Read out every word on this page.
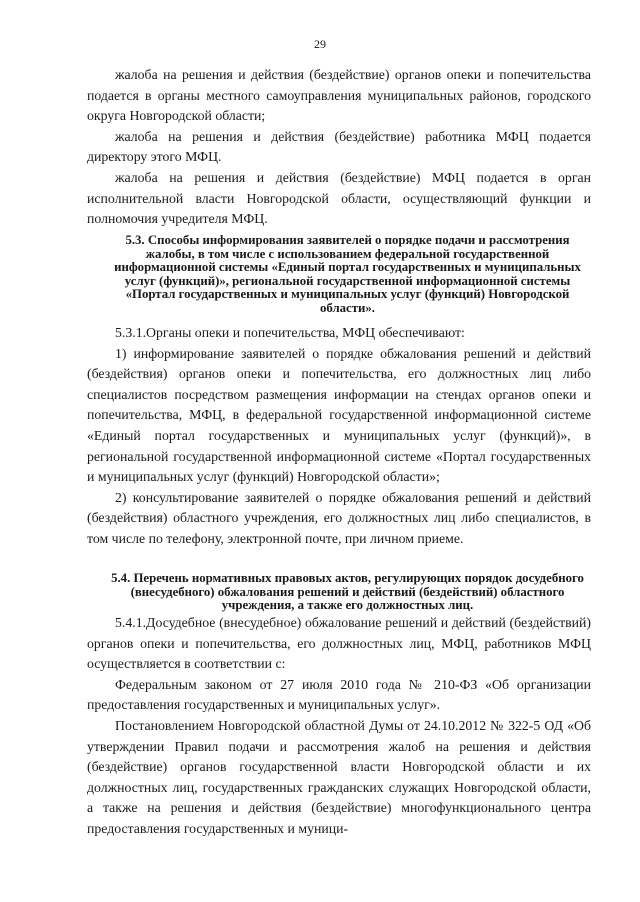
29

жалоба на решения и действия (бездействие) органов опеки и попечительства подается в органы местного самоуправления муниципальных районов, городского округа Новгородской области;

жалоба на решения и действия (бездействие) работника МФЦ подается директору этого МФЦ.

жалоба на решения и действия (бездействие) МФЦ подается в орган исполнительной власти Новгородской области, осуществляющий функции и полномочия учредителя МФЦ.

5.3. Способы информирования заявителей о порядке подачи и рассмотрения жалобы, в том числе с использованием федеральной государственной информационной системы «Единый портал государственных и муниципальных услуг (функций)», региональной государственной информационной системы «Портал государственных и муниципальных услуг (функций) Новгородской области».

5.3.1.Органы опеки и попечительства, МФЦ обеспечивают:

1) информирование заявителей о порядке обжалования решений и действий (бездействия) органов опеки и попечительства, его должностных лиц либо специалистов посредством размещения информации на стендах органов опеки и попечительства, МФЦ, в федеральной государственной информационной системе «Единый портал государственных и муниципальных услуг (функций)», в региональной государственной информационной системе «Портал государственных и муниципальных услуг (функций) Новгородской области»;

2) консультирование заявителей о порядке обжалования решений и действий (бездействия) областного учреждения, его должностных лиц либо специалистов, в том числе по телефону, электронной почте, при личном приеме.

5.4. Перечень нормативных правовых актов, регулирующих порядок досудебного (внесудебного) обжалования решений и действий (бездействий) областного учреждения, а также его должностных лиц.

5.4.1.Досудебное (внесудебное) обжалование решений и действий (бездействий) органов опеки и попечительства, его должностных лиц, МФЦ, работников МФЦ осуществляется в соответствии с:

Федеральным законом от 27 июля 2010 года № 210-ФЗ «Об организации предоставления государственных и муниципальных услуг».

Постановлением Новгородской областной Думы от 24.10.2012 № 322-5 ОД «Об утверждении Правил подачи и рассмотрения жалоб на решения и действия (бездействие) органов государственной власти Новгородской области и их должностных лиц, государственных гражданских служащих Новгородской области, а также на решения и действия (бездействие) многофункционального центра предоставления государственных и муници-
